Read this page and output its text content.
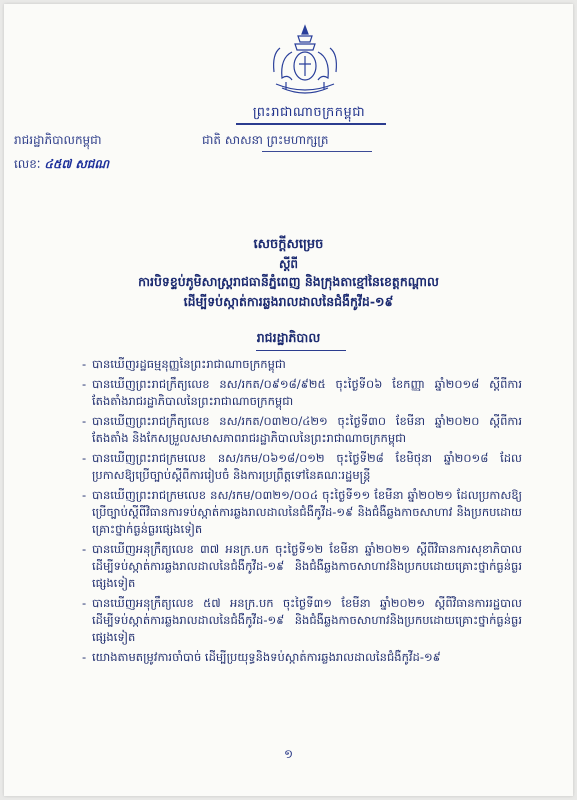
ព្រះរាជាណាចក្រកម្ពុជា
រាជរដ្ឋាភិបាលកម្ពុជា	ជាតិ សាសនា ព្រះមហាក្សត្រ
លេខៈ ៤៥៧ សជណ
សេចក្តីសម្រេច
ស្តីពី
ការបិទខ្ទប់ភូមិសាស្ត្ររាជធានីភ្នំពេញ និងក្រុងតាខ្មៅនៃខេត្តកណ្តាល
ដើម្បីទប់ស្កាត់ការឆ្លងរាលដាលនៃជំងឺកូវីដ-១៩
រាជរដ្ឋាភិបាល
- បានឃើញរដ្ឋធម្មនុញ្ញនៃព្រះរាជាណាចក្រកម្ពុជា
- បានឃើញព្រះរាជក្រឹត្យលេខ នស/រកត/០៩១៨/៩២៥ ចុះថ្ងៃទី០៦ ខែកញ្ញា ឆ្នាំ២០១៨ ស្តីពីការតែងតាំងរាជរដ្ឋាភិបាលនៃព្រះរាជាណាចក្រកម្ពុជា
- បានឃើញព្រះរាជក្រឹត្យលេខ នស/រកត/០៣២០/៤២១ ចុះថ្ងៃទី៣០ ខែមីនា ឆ្នាំ២០២០ ស្តីពីការតែងតាំង និងកែសម្រួលសមាសភាពរាជរដ្ឋាភិបាលនៃព្រះរាជាណាចក្រកម្ពុជា
- បានឃើញព្រះរាជក្រមលេខ នស/រកម/០៦១៨/០១២ ចុះថ្ងៃទី២៨ ខែមិថុនា ឆ្នាំ២០១៨ ដែលប្រកាសឱ្យប្រើច្បាប់ស្តីពីការរៀបចំ និងការប្រព្រឹត្តទៅនៃគណៈរដ្ឋមន្ត្រី
- បានឃើញព្រះរាជក្រមលេខ នស/រកម/០៣២១/០០៤ ចុះថ្ងៃទី១១ ខែមីនា ឆ្នាំ២០២១ ដែលប្រកាសឱ្យប្រើច្បាប់ស្តីពីវិធានការទប់ស្កាត់ការឆ្លងរាលដាលនៃជំងឺកូវីដ-១៩ និងជំងឺឆ្លងកាចសាហាវ និងប្រកបដោយគ្រោះថ្នាក់ធ្ងន់ធ្ងរផ្សេងទៀត
- បានឃើញអនុក្រឹត្យលេខ ៣៧ អនក្រ.បក ចុះថ្ងៃទី១២ ខែមីនា ឆ្នាំ២០២១ ស្តីពីវិធានការសុខាភិបាលដើម្បីទប់ស្កាត់ការឆ្លងរាលដាលនៃជំងឺកូវីដ-១៩ និងជំងឺឆ្លងកាចសាហាវនិងប្រកបដោយគ្រោះថ្នាក់ធ្ងន់ធ្ងរផ្សេងទៀត
- បានឃើញអនុក្រឹត្យលេខ ៥៧ អនក្រ.បក ចុះថ្ងៃទី៣១ ខែមីនា ឆ្នាំ២០២១ ស្តីពីវិធានការរដ្ឋបាលដើម្បីទប់ស្កាត់ការឆ្លងរាលដាលនៃជំងឺកូវីដ-១៩ និងជំងឺឆ្លងកាចសាហាវនិងប្រកបដោយគ្រោះថ្នាក់ធ្ងន់ធ្ងរផ្សេងទៀត
- យោងតាមតម្រូវការចាំបាច់ ដើម្បីប្រយុទ្ធនិងទប់ស្កាត់ការឆ្លងរាលដាលនៃជំងឺកូវីដ-១៩
១
